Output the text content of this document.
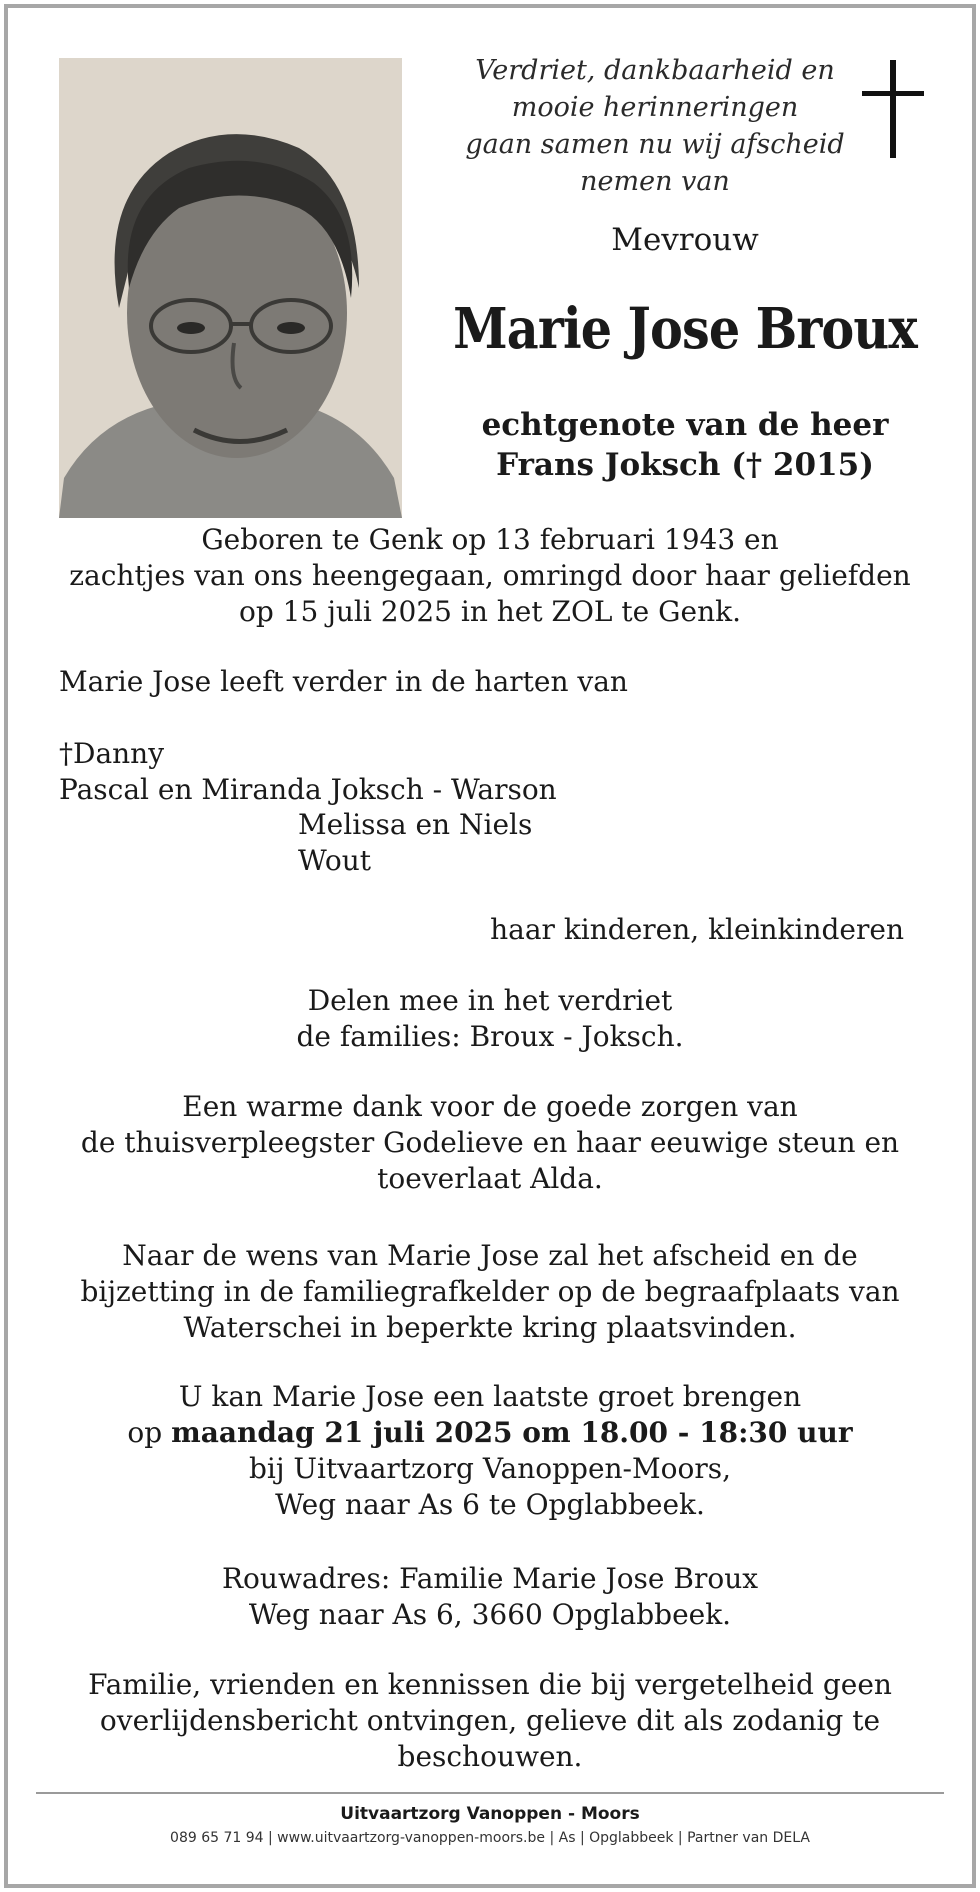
Verdriet, dankbaarheid en
mooie herinneringen
gaan samen nu wij afscheid
nemen van
Mevrouw
Marie Jose Broux
echtgenote van de heer
Frans Joksch († 2015)
Geboren te Genk op 13 februari 1943 en
zachtjes van ons heengegaan, omringd door haar geliefden
op 15 juli 2025 in het ZOL te Genk.
Marie Jose leeft verder in de harten van
†Danny
Pascal en Miranda Joksch - Warson
Melissa en Niels
Wout
haar kinderen, kleinkinderen
Delen mee in het verdriet
de families: Broux - Joksch.
Een warme dank voor de goede zorgen van
de thuisverpleegster Godelieve en haar eeuwige steun en
toeverlaat Alda.
Naar de wens van Marie Jose zal het afscheid en de
bijzetting in de familiegrafkelder op de begraafplaats van
Waterschei in beperkte kring plaatsvinden.
U kan Marie Jose een laatste groet brengen
op maandag 21 juli 2025 om 18.00 - 18:30 uur
bij Uitvaartzorg Vanoppen-Moors,
Weg naar As 6 te Opglabbeek.
Rouwadres: Familie Marie Jose Broux
Weg naar As 6, 3660 Opglabbeek.
Familie, vrienden en kennissen die bij vergetelheid geen
overlijdensbericht ontvingen, gelieve dit als zodanig te
beschouwen.
Uitvaartzorg Vanoppen - Moors
089 65 71 94 | www.uitvaartzorg-vanoppen-moors.be | As | Opglabbeek | Partner van DELA
